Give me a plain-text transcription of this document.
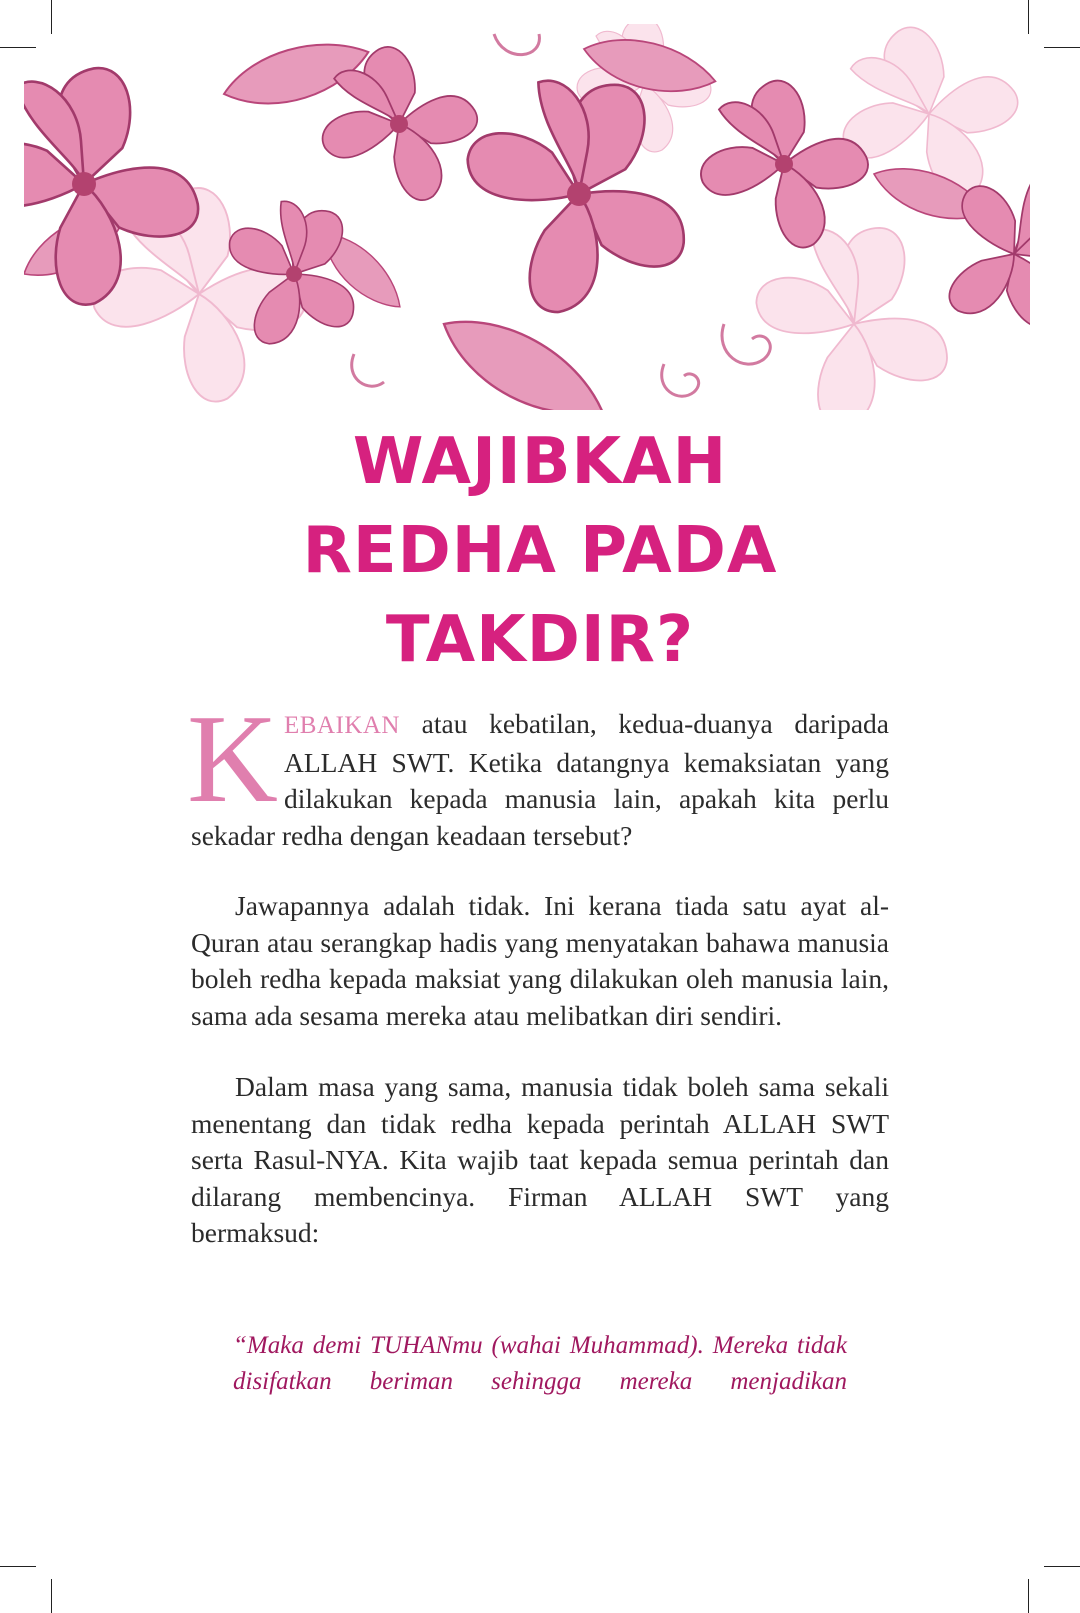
WAJIBKAH
REDHA PADA
TAKDIR?

KEBAIKAN atau kebatilan, kedua-duanya daripada ALLAH SWT. Ketika datangnya kemaksiatan yang dilakukan kepada manusia lain, apakah kita perlu sekadar redha dengan keadaan tersebut?

Jawapannya adalah tidak. Ini kerana tiada satu ayat al-Quran atau serangkap hadis yang menyatakan bahawa manusia boleh redha kepada maksiat yang dilakukan oleh manusia lain, sama ada sesama mereka atau melibatkan diri sendiri.

Dalam masa yang sama, manusia tidak boleh sama sekali menentang dan tidak redha kepada perintah ALLAH SWT serta Rasul-NYA. Kita wajib taat kepada semua perintah dan dilarang membencinya. Firman ALLAH SWT yang bermaksud:

“Maka demi TUHANmu (wahai Muhammad). Mereka tidak disifatkan beriman sehingga mereka menjadikan
